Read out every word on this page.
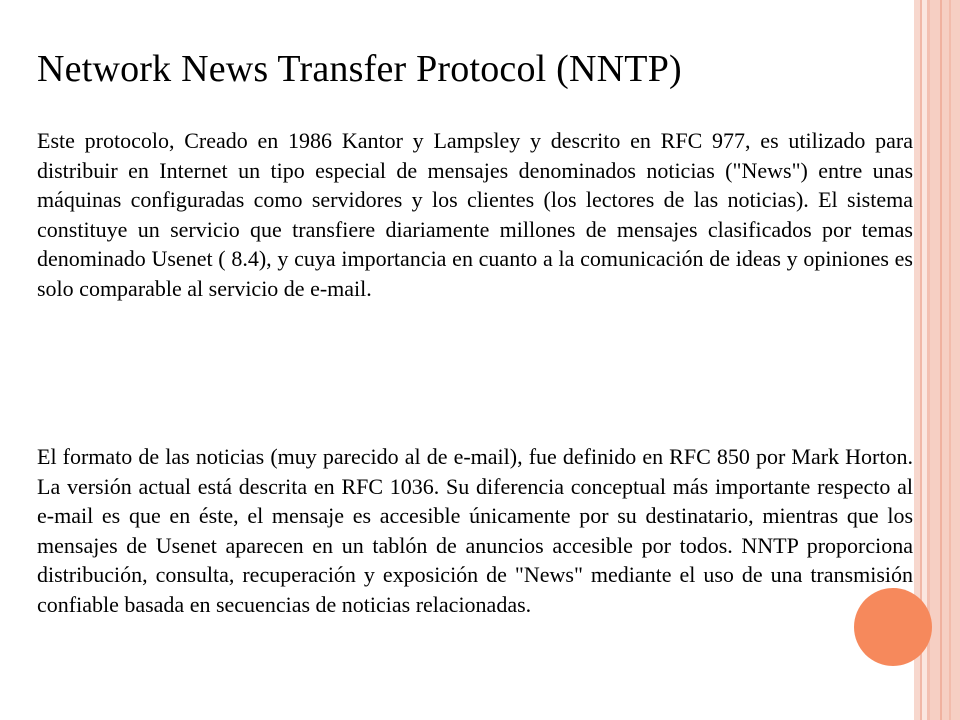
Network News Transfer Protocol (NNTP)

Este protocolo, Creado en 1986 Kantor y Lampsley y descrito en RFC 977, es utilizado para distribuir en Internet un tipo especial de mensajes denominados noticias ("News") entre unas máquinas configuradas como servidores y los clientes (los lectores de las noticias). El sistema constituye un servicio que transfiere diariamente millones de mensajes clasificados por temas denominado Usenet ( 8.4), y cuya importancia en cuanto a la comunicación de ideas y opiniones es solo comparable al servicio de e-mail.

El formato de las noticias (muy parecido al de e-mail), fue definido en RFC 850 por Mark Horton. La versión actual está descrita en RFC 1036. Su diferencia conceptual más importante respecto al e-mail es que en éste, el mensaje es accesible únicamente por su destinatario, mientras que los mensajes de Usenet aparecen en un tablón de anuncios accesible por todos. NNTP proporciona distribución, consulta, recuperación y exposición de "News" mediante el uso de una transmisión confiable basada en secuencias de noticias relacionadas.
